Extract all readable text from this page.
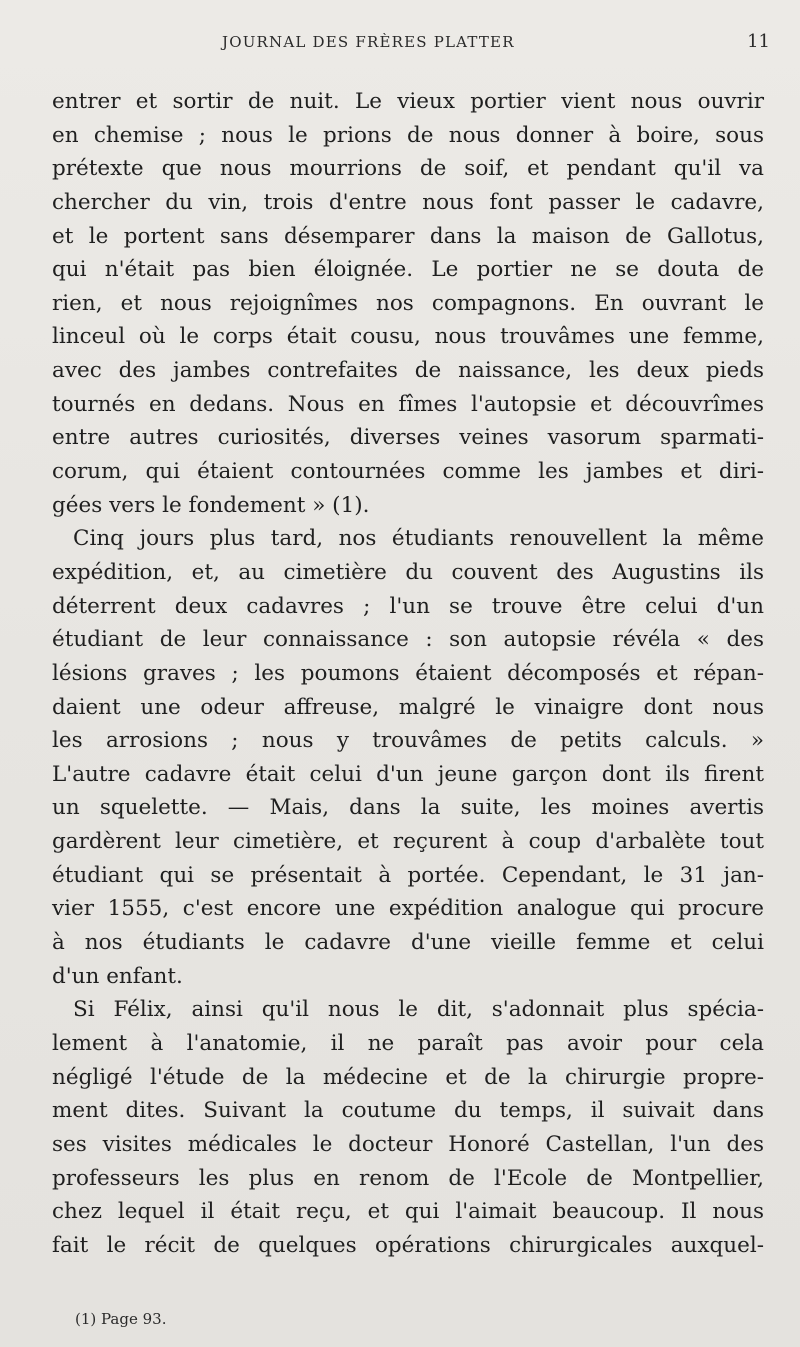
JOURNAL DES FRÈRES PLATTER	11
entrer et sortir de nuit. Le vieux portier vient nous ouvrir
en chemise ; nous le prions de nous donner à boire, sous
prétexte que nous mourrions de soif, et pendant qu'il va
chercher du vin, trois d'entre nous font passer le cadavre,
et le portent sans désemparer dans la maison de Gallotus,
qui n'était pas bien éloignée. Le portier ne se douta de
rien, et nous rejoignîmes nos compagnons. En ouvrant le
linceul où le corps était cousu, nous trouvâmes une femme,
avec des jambes contrefaites de naissance, les deux pieds
tournés en dedans. Nous en fîmes l'autopsie et découvrîmes
entre autres curiosités, diverses veines vasorum sparmati-
corum, qui étaient contournées comme les jambes et diri-
gées vers le fondement » (1).
Cinq jours plus tard, nos étudiants renouvellent la même
expédition, et, au cimetière du couvent des Augustins ils
déterrent deux cadavres ; l'un se trouve être celui d'un
étudiant de leur connaissance : son autopsie révéla « des
lésions graves ; les poumons étaient décomposés et répan-
daient une odeur affreuse, malgré le vinaigre dont nous
les arrosions ; nous y trouvâmes de petits calculs. »
L'autre cadavre était celui d'un jeune garçon dont ils firent
un squelette. — Mais, dans la suite, les moines avertis
gardèrent leur cimetière, et reçurent à coup d'arbalète tout
étudiant qui se présentait à portée. Cependant, le 31 jan-
vier 1555, c'est encore une expédition analogue qui procure
à nos étudiants le cadavre d'une vieille femme et celui
d'un enfant.
Si Félix, ainsi qu'il nous le dit, s'adonnait plus spécia-
lement à l'anatomie, il ne paraît pas avoir pour cela
négligé l'étude de la médecine et de la chirurgie propre-
ment dites. Suivant la coutume du temps, il suivait dans
ses visites médicales le docteur Honoré Castellan, l'un des
professeurs les plus en renom de l'Ecole de Montpellier,
chez lequel il était reçu, et qui l'aimait beaucoup. Il nous
fait le récit de quelques opérations chirurgicales auxquel-
(1) Page 93.
